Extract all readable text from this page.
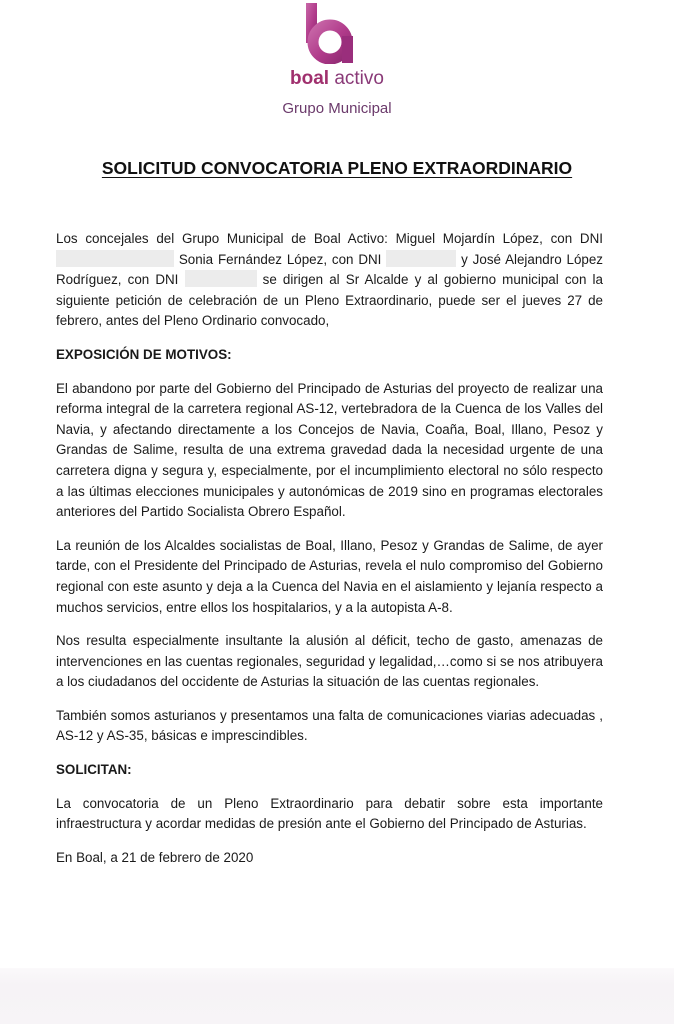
boal activo
Grupo Municipal
SOLICITUD CONVOCATORIA PLENO EXTRAORDINARIO

Los concejales del Grupo Municipal de Boal Activo: Miguel Mojardín López, con DNI  Sonia Fernández López, con DNI	y José Alejandro López Rodríguez, con DNI	se dirigen al Sr Alcalde y al gobierno municipal con la siguiente petición de celebración de un Pleno Extraordinario, puede ser el jueves 27 de febrero, antes del Pleno Ordinario convocado,

EXPOSICIÓN DE MOTIVOS:

El abandono por parte del Gobierno del Principado de Asturias del proyecto de realizar una reforma integral de la carretera regional AS-12, vertebradora de la Cuenca de los Valles del Navia, y afectando directamente a los Concejos de Navia, Coaña, Boal, Illano, Pesoz y Grandas de Salime, resulta de una extrema gravedad dada la necesidad urgente de una carretera digna y segura y, especialmente, por el incumplimiento electoral no sólo respecto a las últimas elecciones municipales y autonómicas de 2019 sino en programas electorales anteriores del Partido Socialista Obrero Español.

La reunión de los Alcaldes socialistas de Boal, Illano, Pesoz y Grandas de Salime, de ayer tarde, con el Presidente del Principado de Asturias, revela el nulo compromiso del Gobierno regional con este asunto y deja a la Cuenca del Navia en el aislamiento y lejanía respecto a muchos servicios, entre ellos los hospitalarios, y a la autopista A-8.

Nos resulta especialmente insultante la alusión al déficit, techo de gasto, amenazas de intervenciones en las cuentas regionales, seguridad y legalidad,…como si se nos atribuyera a los ciudadanos del occidente de Asturias la situación de las cuentas regionales.

También somos asturianos y presentamos una falta de comunicaciones viarias adecuadas , AS-12 y AS-35, básicas e imprescindibles.

SOLICITAN:

La convocatoria de un Pleno Extraordinario para debatir sobre esta importante infraestructura y acordar medidas de presión ante el Gobierno del Principado de Asturias.

En Boal, a 21 de febrero de 2020
